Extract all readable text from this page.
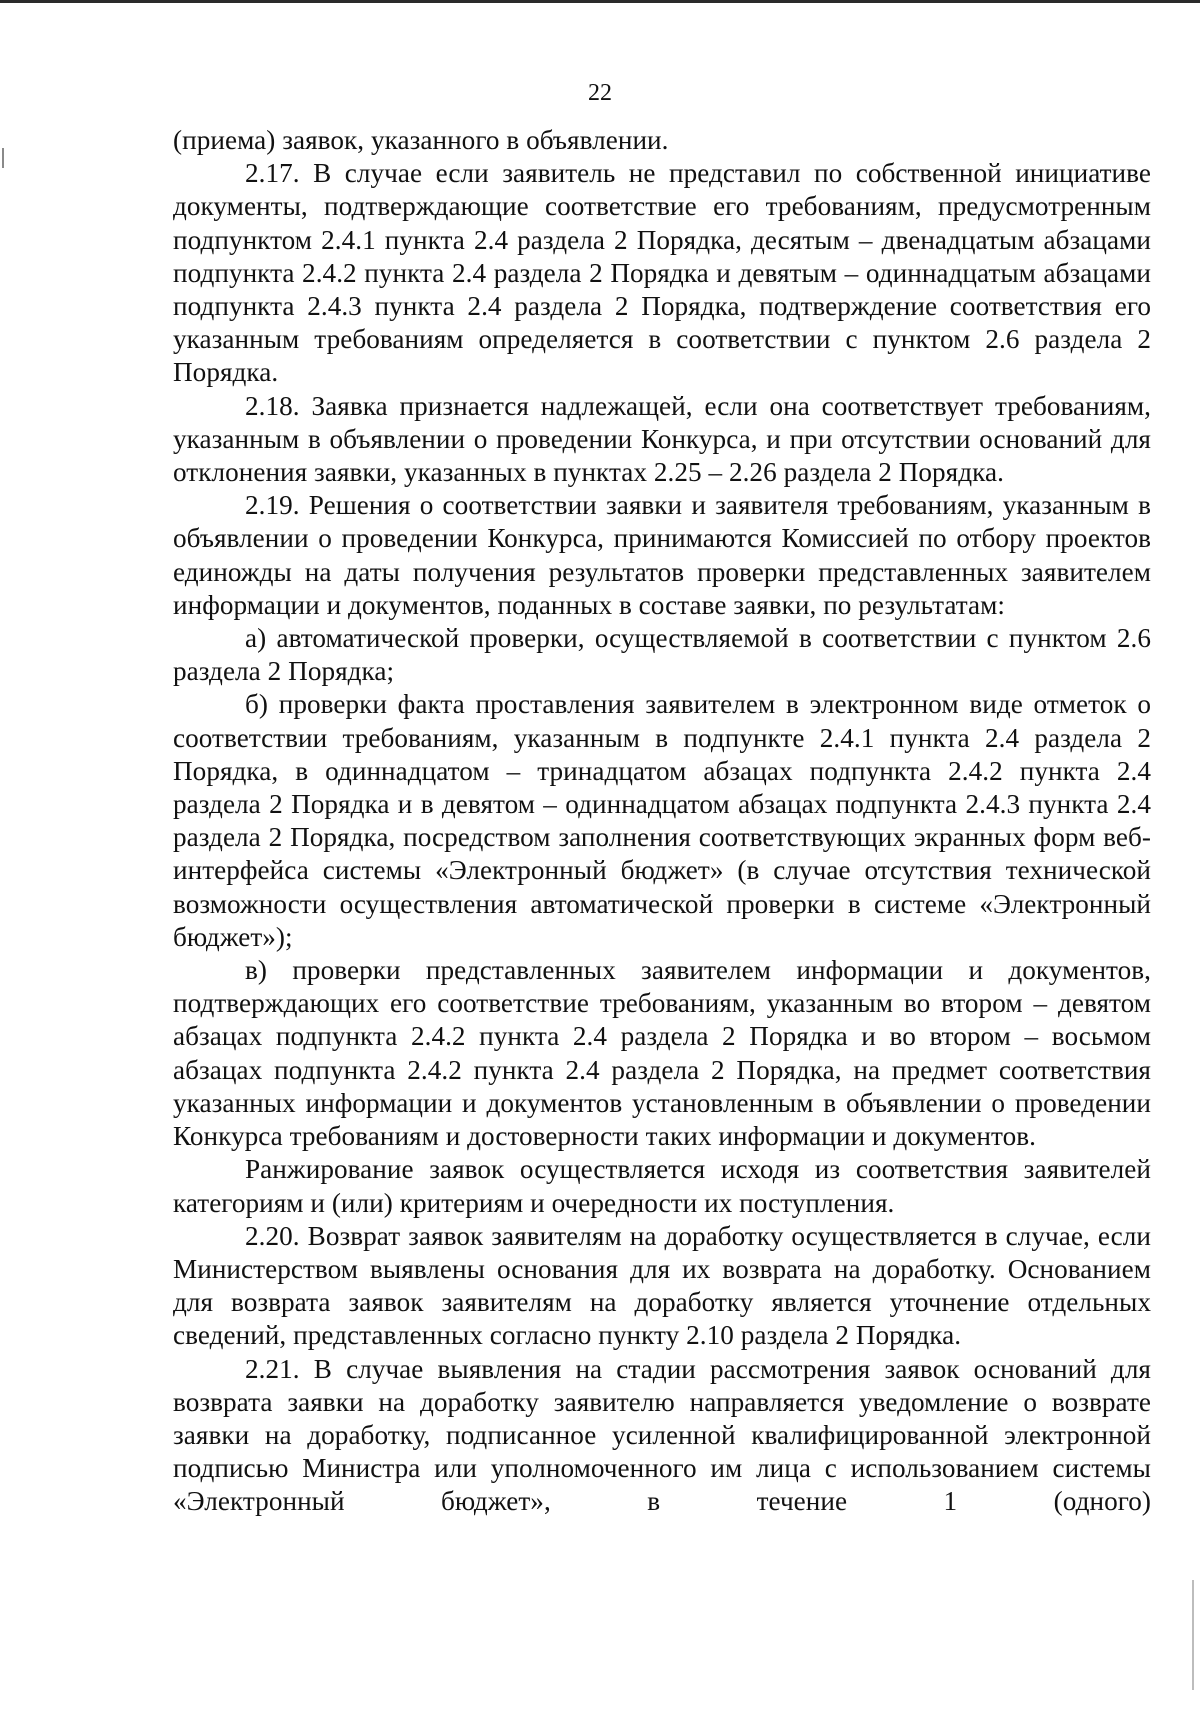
22

(приема) заявок, указанного в объявлении.

2.17. В случае если заявитель не представил по собственной инициативе документы, подтверждающие соответствие его требованиям, предусмотренным подпунктом 2.4.1 пункта 2.4 раздела 2 Порядка, десятым – двенадцатым абзацами подпункта 2.4.2 пункта 2.4 раздела 2 Порядка и девятым – одиннадцатым абзацами подпункта 2.4.3 пункта 2.4 раздела 2 Порядка, подтверждение соответствия его указанным требованиям определяется в соответствии с пунктом 2.6 раздела 2 Порядка.

2.18. Заявка признается надлежащей, если она соответствует требованиям, указанным в объявлении о проведении Конкурса, и при отсутствии оснований для отклонения заявки, указанных в пунктах 2.25 – 2.26 раздела 2 Порядка.

2.19. Решения о соответствии заявки и заявителя требованиям, указанным в объявлении о проведении Конкурса, принимаются Комиссией по отбору проектов единожды на даты получения результатов проверки представленных заявителем информации и документов, поданных в составе заявки, по результатам:

а) автоматической проверки, осуществляемой в соответствии с пунктом 2.6 раздела 2 Порядка;

б) проверки факта проставления заявителем в электронном виде отметок о соответствии требованиям, указанным в подпункте 2.4.1 пункта 2.4 раздела 2 Порядка, в одиннадцатом – тринадцатом абзацах подпункта 2.4.2 пункта 2.4 раздела 2 Порядка и в девятом – одиннадцатом абзацах подпункта 2.4.3 пункта 2.4 раздела 2 Порядка, посредством заполнения соответствующих экранных форм веб-интерфейса системы «Электронный бюджет» (в случае отсутствия технической возможности осуществления автоматической проверки в системе «Электронный бюджет»);

в) проверки представленных заявителем информации и документов, подтверждающих его соответствие требованиям, указанным во втором – девятом абзацах подпункта 2.4.2 пункта 2.4 раздела 2 Порядка и во втором – восьмом абзацах подпункта 2.4.2 пункта 2.4 раздела 2 Порядка, на предмет соответствия указанных информации и документов установленным в объявлении о проведении Конкурса требованиям и достоверности таких информации и документов.

Ранжирование заявок осуществляется исходя из соответствия заявителей категориям и (или) критериям и очередности их поступления.

2.20. Возврат заявок заявителям на доработку осуществляется в случае, если Министерством выявлены основания для их возврата на доработку. Основанием для возврата заявок заявителям на доработку является уточнение отдельных сведений, представленных согласно пункту 2.10 раздела 2 Порядка.

2.21. В случае выявления на стадии рассмотрения заявок оснований для возврата заявки на доработку заявителю направляется уведомление о возврате заявки на доработку, подписанное усиленной квалифицированной электронной подписью Министра или уполномоченного им лица с использованием системы «Электронный бюджет», в течение 1 (одного)
